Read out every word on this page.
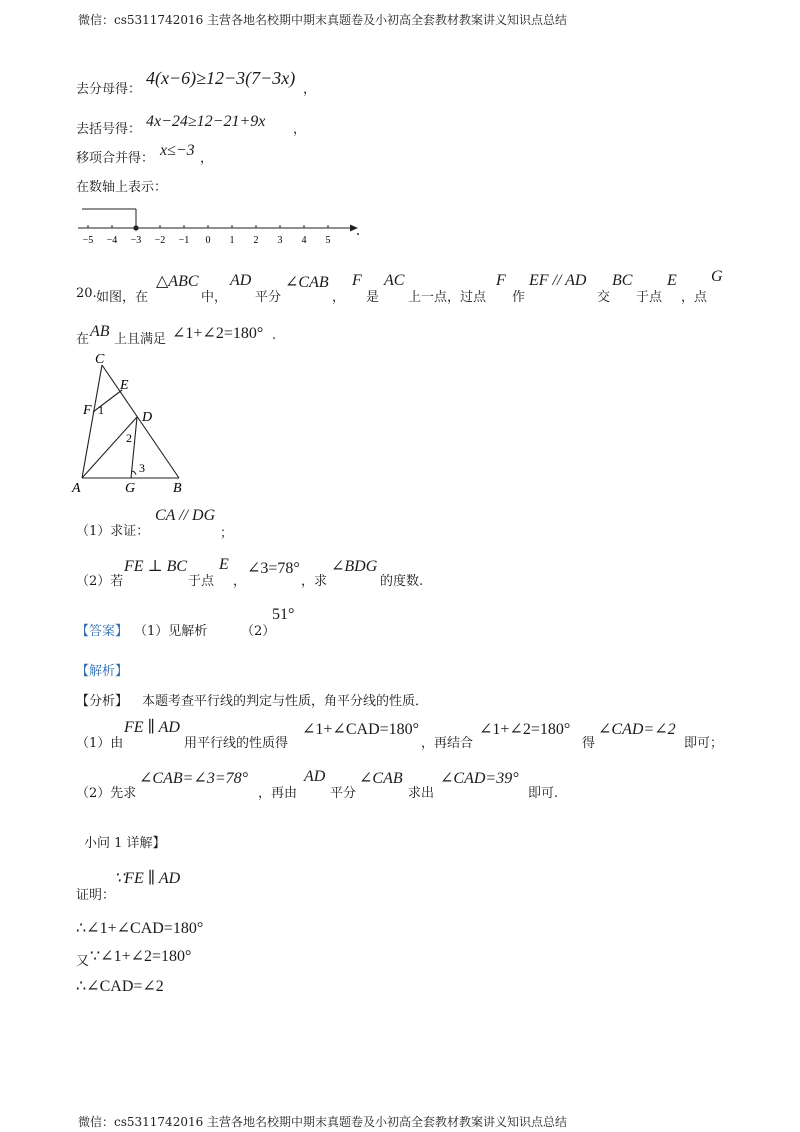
微信：cs5311742016 主营各地名校期中期末真题卷及小初高全套教材教案讲义知识点总结
去分母得：
4(x−6)≥12−3(7−3x)
，
去括号得： 4x−24≥12−21+9x ，
移项合并得： x≤−3 ，
在数轴上表示：
−5 −4 −3 −2 −1 0 1 2 3 4 5
.
20. 如图，在
△ABC
中，
AD
平分
∠CAB
，
F
是
AC
上一点，过点
F
作
EF // AD
交
BC
于点
E
，点
G
在 AB 上且满足 ∠1+∠2=180° .
C
E
F 1	D
2
3
A	G	B
（1）求证：
CA // DG
；
（2）若
FE ⊥ BC
于点
E
，
∠3=78°
，求
∠BDG
的度数.
【答案】 （1）见解析	（2）
51°
【解析】
【分析】 本题考查平行线的判定与性质，角平分线的性质．
（1）由
FE ∥ AD
用平行线的性质得
∠1+∠CAD=180°
，再结合
∠1+∠2=180°
得
∠CAD=∠2
即可；
（2）先求
∠CAB=∠3=78°
，再由
AD
平分
∠CAB
求出
∠CAD=39°
即可.
小问 1 详解】
证明：
∵FE ∥ AD
∴∠1+∠CAD=180°
又 ∵∠1+∠2=180°
∴∠CAD=∠2
微信：cs5311742016 主营各地名校期中期末真题卷及小初高全套教材教案讲义知识点总结
